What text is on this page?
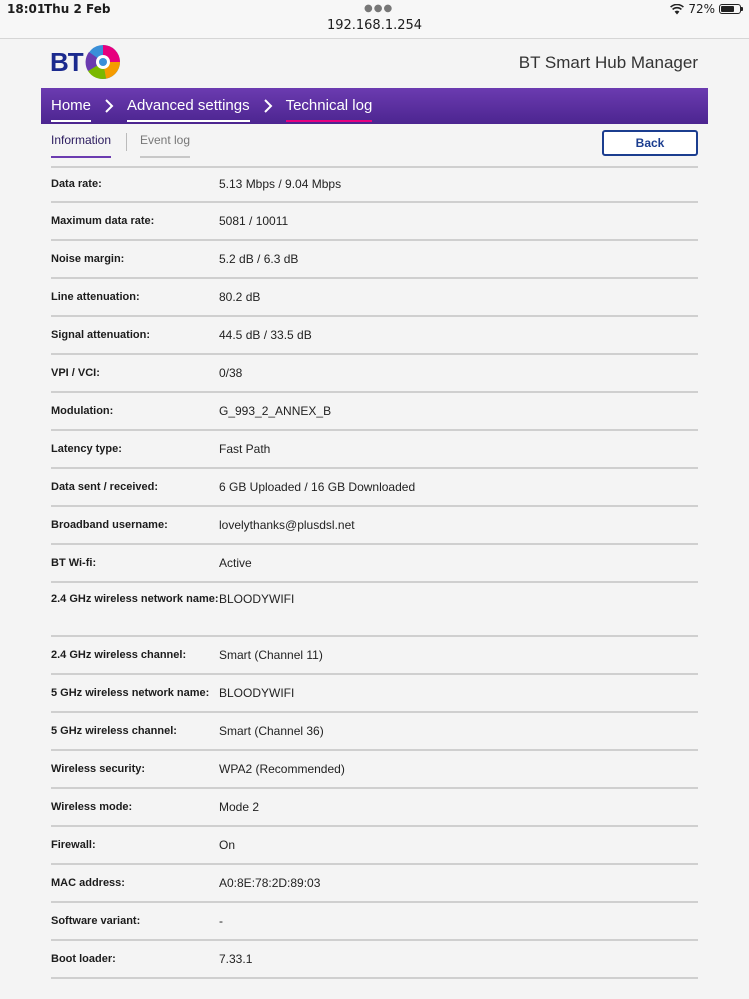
18:01
Thu 2 Feb	●●●
192.168.1.254
72%
BT	BT Smart Hub Manager
Home Advanced settings Technical log
Information Event log	Back
Data rate:	5.13 Mbps / 9.04 Mbps
Maximum data rate:	5081 / 10011
Noise margin:	5.2 dB / 6.3 dB
Line attenuation:	80.2 dB
Signal attenuation:	44.5 dB / 33.5 dB
VPI / VCI:	0/38
Modulation:	G_993_2_ANNEX_B
Latency type:	Fast Path
Data sent / received:	6 GB Uploaded / 16 GB Downloaded
Broadband username:	lovelythanks@plusdsl.net
BT Wi-fi:	Active
2.4 GHz wireless network name: BLOODYWIFI
2.4 GHz wireless channel:	Smart (Channel 11)
5 GHz wireless network name: BLOODYWIFI
5 GHz wireless channel:	Smart (Channel 36)
Wireless security:	WPA2 (Recommended)
Wireless mode:	Mode 2
Firewall:	On
MAC address:	A0:8E:78:2D:89:03
Software variant:	-
Boot loader:	7.33.1
